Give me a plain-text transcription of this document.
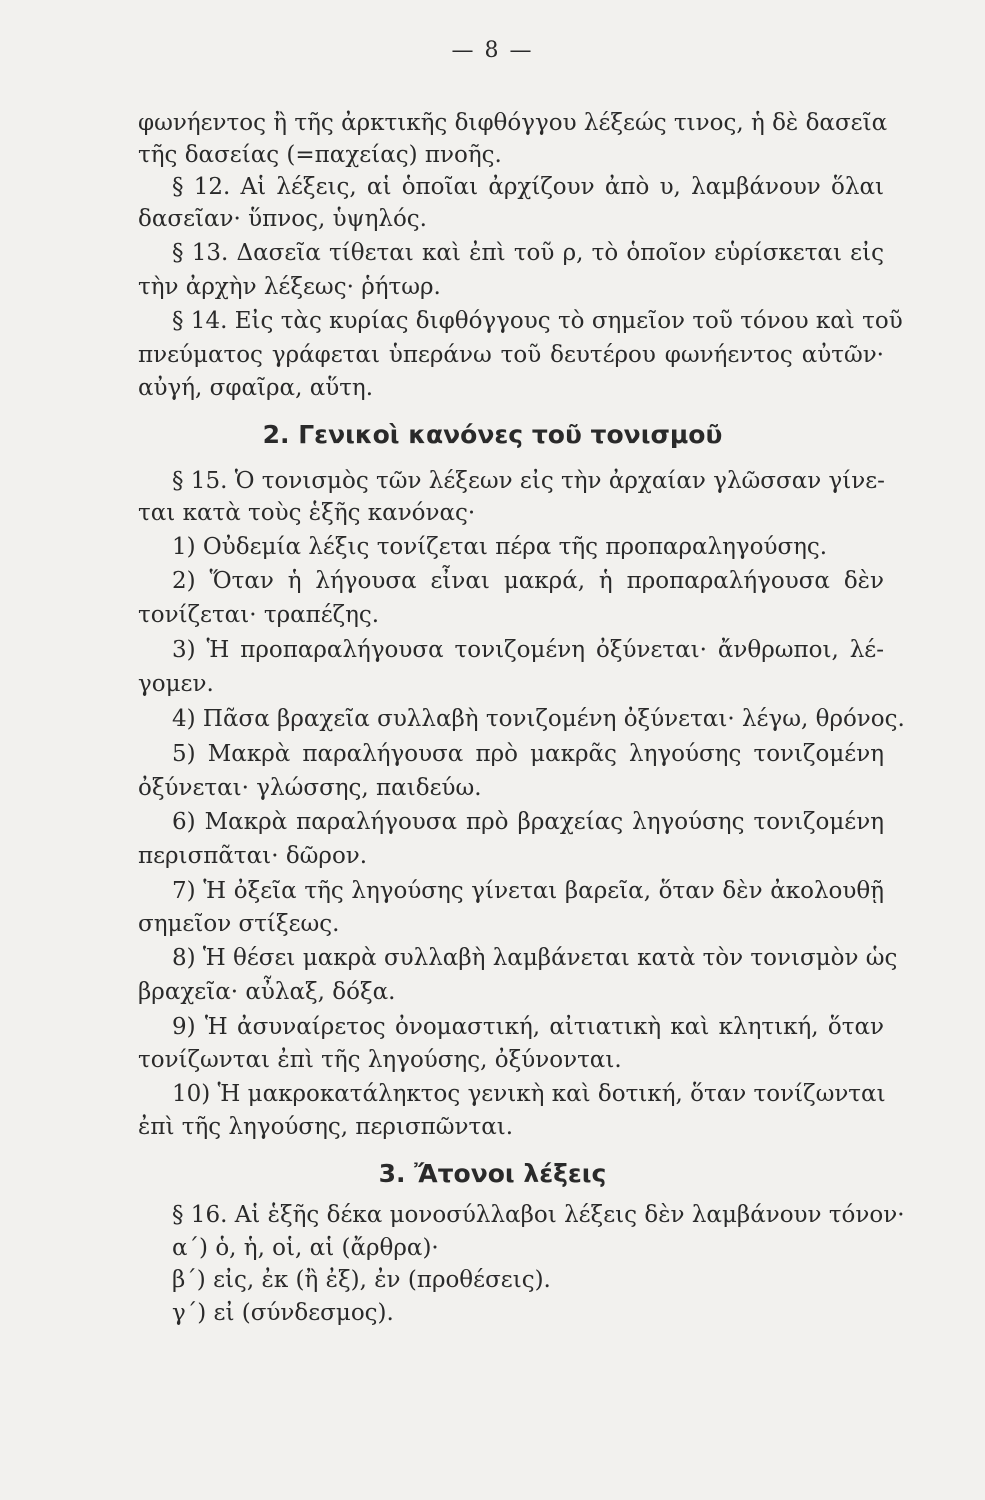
— 8 —
φωνήεντος ἢ τῆς ἀρκτικῆς διφθόγγου λέξεώς τινος, ἡ δὲ δασεῖα
τῆς δασείας (=παχείας) πνοῆς.
§ 12. Αἱ λέξεις, αἱ ὁποῖαι ἀρχίζουν ἀπὸ υ, λαμβάνουν ὅλαι
δασεῖαν· ὕπνος, ὑψηλός.
§ 13. Δασεῖα τίθεται καὶ ἐπὶ τοῦ ρ, τὸ ὁποῖον εὑρίσκεται εἰς
τὴν ἀρχὴν λέξεως· ῥήτωρ.
§ 14. Εἰς τὰς κυρίας διφθόγγους τὸ σημεῖον τοῦ τόνου καὶ τοῦ
πνεύματος γράφεται ὑπεράνω τοῦ δευτέρου φωνήεντος αὐτῶν·
αὐγή, σφαῖρα, αὕτη.
2. Γενικοὶ κανόνες τοῦ τονισμοῦ
§ 15. Ὁ τονισμὸς τῶν λέξεων εἰς τὴν ἀρχαίαν γλῶσσαν γίνε-
ται κατὰ τοὺς ἑξῆς κανόνας·
1) Οὐδεμία λέξις τονίζεται πέρα τῆς προπαραληγούσης.
2) Ὅταν ἡ λήγουσα εἶναι μακρά, ἡ προπαραλήγουσα δὲν
τονίζεται· τραπέζης.
3) Ἡ προπαραλήγουσα τονιζομένη ὀξύνεται· ἄνθρωποι, λέ-
γομεν.
4) Πᾶσα βραχεῖα συλλαβὴ τονιζομένη ὀξύνεται· λέγω, θρόνος.
5) Μακρὰ παραλήγουσα πρὸ μακρᾶς ληγούσης τονιζομένη
ὀξύνεται· γλώσσης, παιδεύω.
6) Μακρὰ παραλήγουσα πρὸ βραχείας ληγούσης τονιζομένη
περισπᾶται· δῶρον.
7) Ἡ ὀξεῖα τῆς ληγούσης γίνεται βαρεῖα, ὅταν δὲν ἀκολουθῇ
σημεῖον στίξεως.
8) Ἡ θέσει μακρὰ συλλαβὴ λαμβάνεται κατὰ τὸν τονισμὸν ὡς
βραχεῖα· αὖλαξ, δόξα.
9) Ἡ ἀσυναίρετος ὀνομαστική, αἰτιατικὴ καὶ κλητική, ὅταν
τονίζωνται ἐπὶ τῆς ληγούσης, ὀξύνονται.
10) Ἡ μακροκατάληκτος γενικὴ καὶ δοτική, ὅταν τονίζωνται
ἐπὶ τῆς ληγούσης, περισπῶνται.
3. Ἄτονοι λέξεις
§ 16. Αἱ ἑξῆς δέκα μονοσύλλαβοι λέξεις δὲν λαμβάνουν τόνον·
α΄) ὁ, ἡ, οἱ, αἱ (ἄρθρα)·
β΄) εἰς, ἐκ (ἢ ἐξ), ἐν (προθέσεις).
γ΄) εἰ (σύνδεσμος).
